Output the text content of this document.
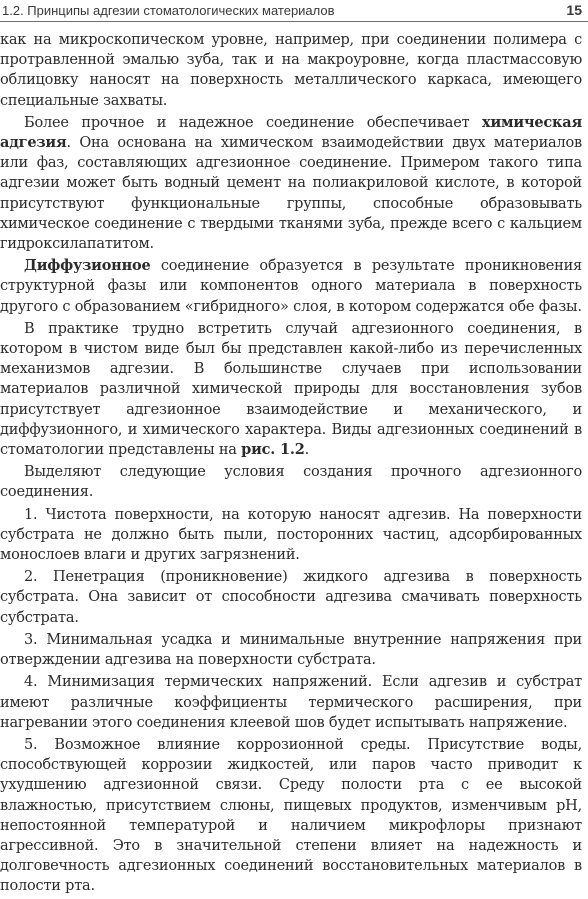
1.2. Принципы адгезии стоматологических материалов	15

как на микроскопическом уровне, например, при соединении полимера с протравленной эмалью зуба, так и на макроуровне, когда пластмассовую облицовку наносят на поверхность металлического каркаса, имеющего специальные захваты.

Более прочное и надежное соединение обеспечивает химическая адгезия. Она основана на химическом взаимодействии двух материалов или фаз, составляющих адгезионное соединение. Примером такого типа адгезии может быть водный цемент на полиакриловой кислоте, в которой присутствуют функциональные группы, способные образовывать химическое соединение с твердыми тканями зуба, прежде всего с кальцием гидроксилапатитом.

Диффузионное соединение образуется в результате проникновения структурной фазы или компонентов одного материала в поверхность другого с образованием «гибридного» слоя, в котором содержатся обе фазы.

В практике трудно встретить случай адгезионного соединения, в котором в чистом виде был бы представлен какой-либо из перечисленных механизмов адгезии. В большинстве случаев при использовании материалов различной химической природы для восстановления зубов присутствует адгезионное взаимодействие и механического, и диффузионного, и химического характера. Виды адгезионных соединений в стоматологии представлены на рис. 1.2.

Выделяют следующие условия создания прочного адгезионного соединения.

1. Чистота поверхности, на которую наносят адгезив. На поверхности субстрата не должно быть пыли, посторонних частиц, адсорбированных монослоев влаги и других загрязнений.

2. Пенетрация (проникновение) жидкого адгезива в поверхность субстрата. Она зависит от способности адгезива смачивать поверхность субстрата.

3. Минимальная усадка и минимальные внутренние напряжения при отверждении адгезива на поверхности субстрата.

4. Минимизация термических напряжений. Если адгезив и субстрат имеют различные коэффициенты термического расширения, при нагревании этого соединения клеевой шов будет испытывать напряжение.

5. Возможное влияние коррозионной среды. Присутствие воды, способствующей коррозии жидкостей, или паров часто приводит к ухудшению адгезионной связи. Среду полости рта с ее высокой влажностью, присутствием слюны, пищевых продуктов, изменчивым pH, непостоянной температурой и наличием микрофлоры признают агрессивной. Это в значительной степени влияет на надежность и долговечность адгезионных соединений восстановительных материалов в полости рта.
